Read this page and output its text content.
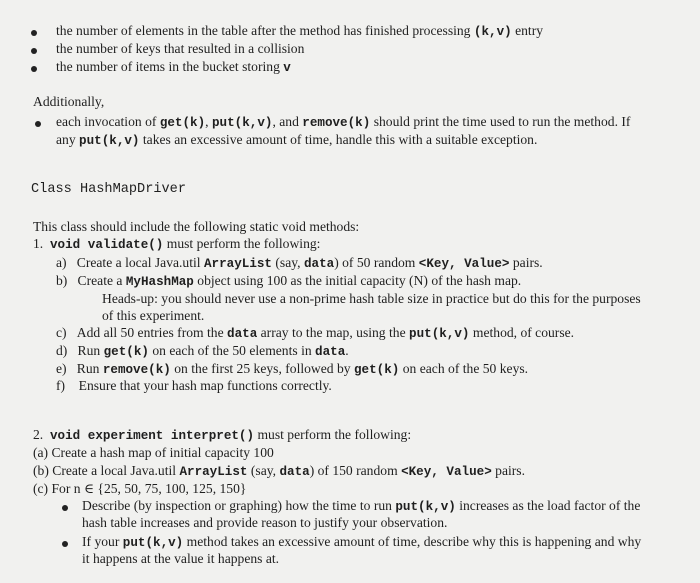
the number of elements in the table after the method has finished processing (k,v) entry
the number of keys that resulted in a collision
the number of items in the bucket storing v
Additionally,
each invocation of get(k), put(k,v), and remove(k) should print the time used to run the method. If
any put(k,v) takes an excessive amount of time, handle this with a suitable exception.
Class HashMapDriver
This class should include the following static void methods:
1. void validate() must perform the following:
a) Create a local Java.util ArrayList (say, data) of 50 random <Key, Value> pairs.
b) Create a MyHashMap object using 100 as the initial capacity (N) of the hash map.
Heads-up: you should never use a non-prime hash table size in practice but do this for the purposes
of this experiment.
c) Add all 50 entries from the data array to the map, using the put(k,v) method, of course.
d) Run get(k) on each of the 50 elements in data.
e) Run remove(k) on the first 25 keys, followed by get(k) on each of the 50 keys.
f) Ensure that your hash map functions correctly.
2. void experiment interpret() must perform the following:
(a) Create a hash map of initial capacity 100
(b) Create a local Java.util ArrayList (say, data) of 150 random <Key, Value> pairs.
(c) For n ∈ {25, 50, 75, 100, 125, 150}
Describe (by inspection or graphing) how the time to run put(k,v) increases as the load factor of the
hash table increases and provide reason to justify your observation.
If your put(k,v) method takes an excessive amount of time, describe why this is happening and why
it happens at the value it happens at.
